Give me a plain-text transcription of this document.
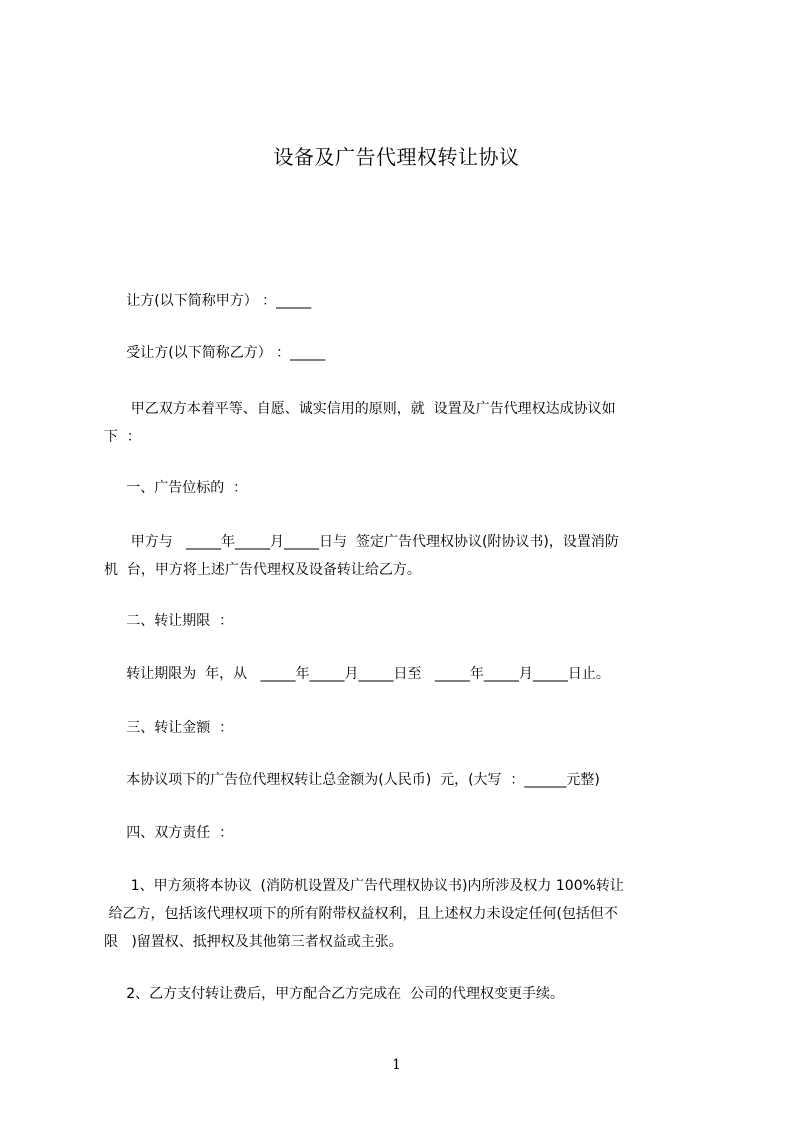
设备及广告代理权转让协议
让方(以下简称甲方） ：_____
受让方(以下简称乙方） ：_____
甲乙双方本着平等、自愿、诚实信用的原则，就  设置及广告代理权达成协议如
下  ：
一、广告位标的  ：
甲方与   _____年_____月_____日与  签定广告代理权协议(附协议书)，设置消防
机  台，甲方将上述广告代理权及设备转让给乙方。
二、转让期限  ：
转让期限为  年，从   _____年_____月_____日至   _____年_____月_____日止。
三、转让金额  ：
本协议项下的广告位代理权转让总金额为(人民币)  元，(大写  ：______元整)
四、双方责任  ：
1、甲方须将本协议  (消防机设置及广告代理权协议书)内所涉及权力 100%转让
给乙方，包括该代理权项下的所有附带权益权利，且上述权力未设定任何(包括但不
限   )留置权、抵押权及其他第三者权益或主张。
2、乙方支付转让费后，甲方配合乙方完成在  公司的代理权变更手续。
1
